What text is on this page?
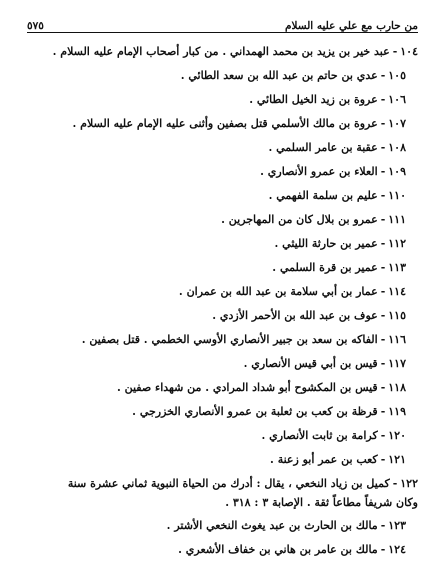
من حارب مع علي عليه السلام
٥٧٥
١٠٤-عبد خير بن يزيد بن محمد الهمداني . من كبار أصحاب الإمام عليه السلام .
١٠٥-عدي بن حاتم بن عبد الله بن سعد الطائي .
١٠٦-عروة بن زيد الخيل الطائي .
١٠٧-عروة بن مالك الأسلمي قتل بصفين وأثنى عليه الإمام عليه السلام .
١٠٨-عقبة بن عامر السلمي .
١٠٩-العلاء بن عمرو الأنصاري .
١١٠-عليم بن سلمة الفهمي .
١١١-عمرو بن بلال كان من المهاجرين .
١١٢-عمير بن حارثة الليثي .
١١٣-عمير بن قرة السلمي .
١١٤-عمار بن أبي سلامة بن عبد الله بن عمران .
١١٥-عوف بن عبد الله بن الأحمر الأزدي .
١١٦-الفاكه بن سعد بن جبير الأنصاري الأوسي الخطمي . قتل بصفين .
١١٧-قيس بن أبي قيس الأنصاري .
١١٨-قيس بن المكشوح أبو شداد المرادي . من شهداء صفين .
١١٩-قرظة بن كعب بن ثعلبة بن عمرو الأنصاري الخزرجي .
١٢٠-كرامة بن ثابت الأنصاري .
١٢١-كعب بن عمر أبو زعنة .
١٢٢-كميل بن زياد النخعي ، يقال : أدرك من الحياة النبوية ثماني عشرة سنة
وكان شريفاً مطاعاً ثقة . الإصابة ٣ : ٣١٨ .
١٢٣-مالك بن الحارث بن عبد يغوث النخعي الأشتر .
١٢٤-مالك بن عامر بن هاني بن خفاف الأشعري .
